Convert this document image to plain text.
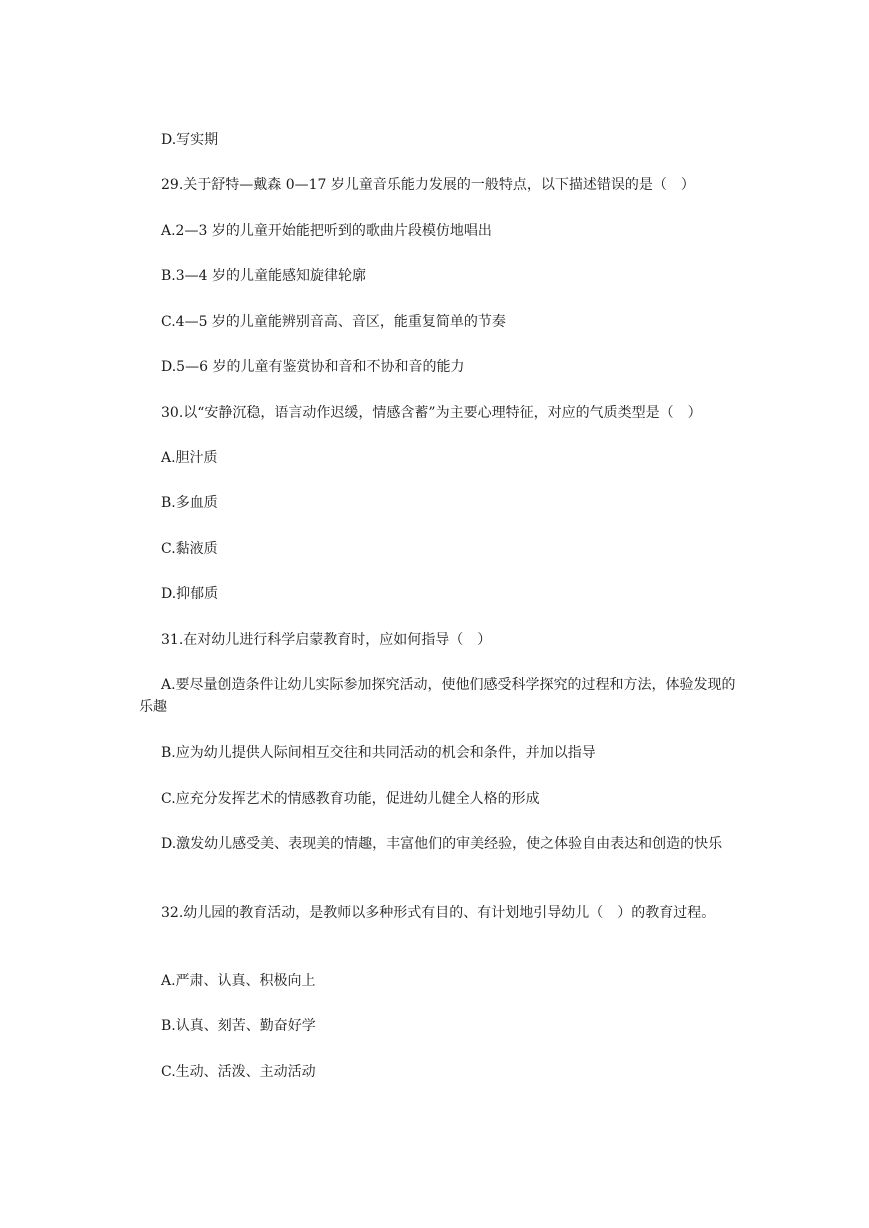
D.写实期
29.关于舒特—戴森 0—17 岁儿童音乐能力发展的一般特点，以下描述错误的是（　）
A.2—3 岁的儿童开始能把听到的歌曲片段模仿地唱出
B.3—4 岁的儿童能感知旋律轮廓
C.4—5 岁的儿童能辨别音高、音区，能重复简单的节奏
D.5—6 岁的儿童有鉴赏协和音和不协和音的能力
30.以“安静沉稳，语言动作迟缓，情感含蓄”为主要心理特征，对应的气质类型是（　）
A.胆汁质
B.多血质
C.黏液质
D.抑郁质
31.在对幼儿进行科学启蒙教育时，应如何指导（　）
A.要尽量创造条件让幼儿实际参加探究活动，使他们感受科学探究的过程和方法，体验发现的乐趣
B.应为幼儿提供人际间相互交往和共同活动的机会和条件，并加以指导
C.应充分发挥艺术的情感教育功能，促进幼儿健全人格的形成
D.激发幼儿感受美、表现美的情趣，丰富他们的审美经验，使之体验自由表达和创造的快乐
32.幼儿园的教育活动，是教师以多种形式有目的、有计划地引导幼儿（　）的教育过程。
A.严肃、认真、积极向上
B.认真、刻苦、勤奋好学
C.生动、活泼、主动活动
